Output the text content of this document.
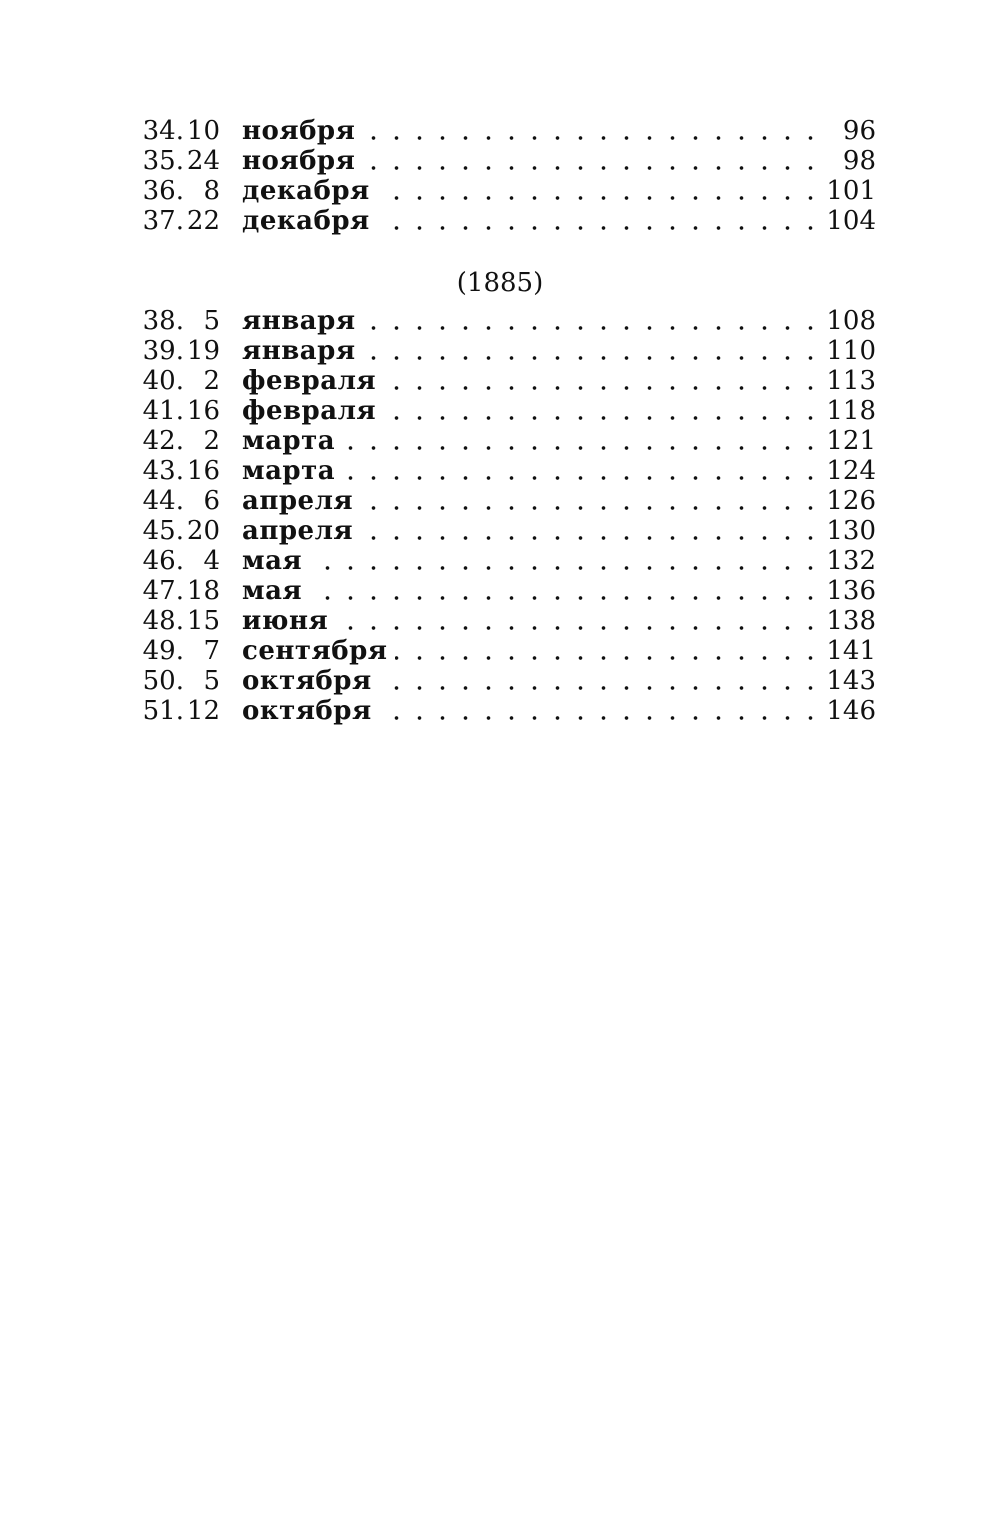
34. 10 ноября	96
35. 24 ноября	98
36. 8 декабря	101
37. 22 декабря	104
(1885)
38. 5 января	108
39. 19 января	110
40. 2 февраля	113
41. 16 февраля	118
42. 2 марта	121
43. 16 марта	124
44. 6 апреля	126
45. 20 апреля	130
46. 4 мая	132
47. 18 мая	136
48. 15 июня	138
49. 7 сентября	141
50. 5 октября	143
51. 12 октября	146
